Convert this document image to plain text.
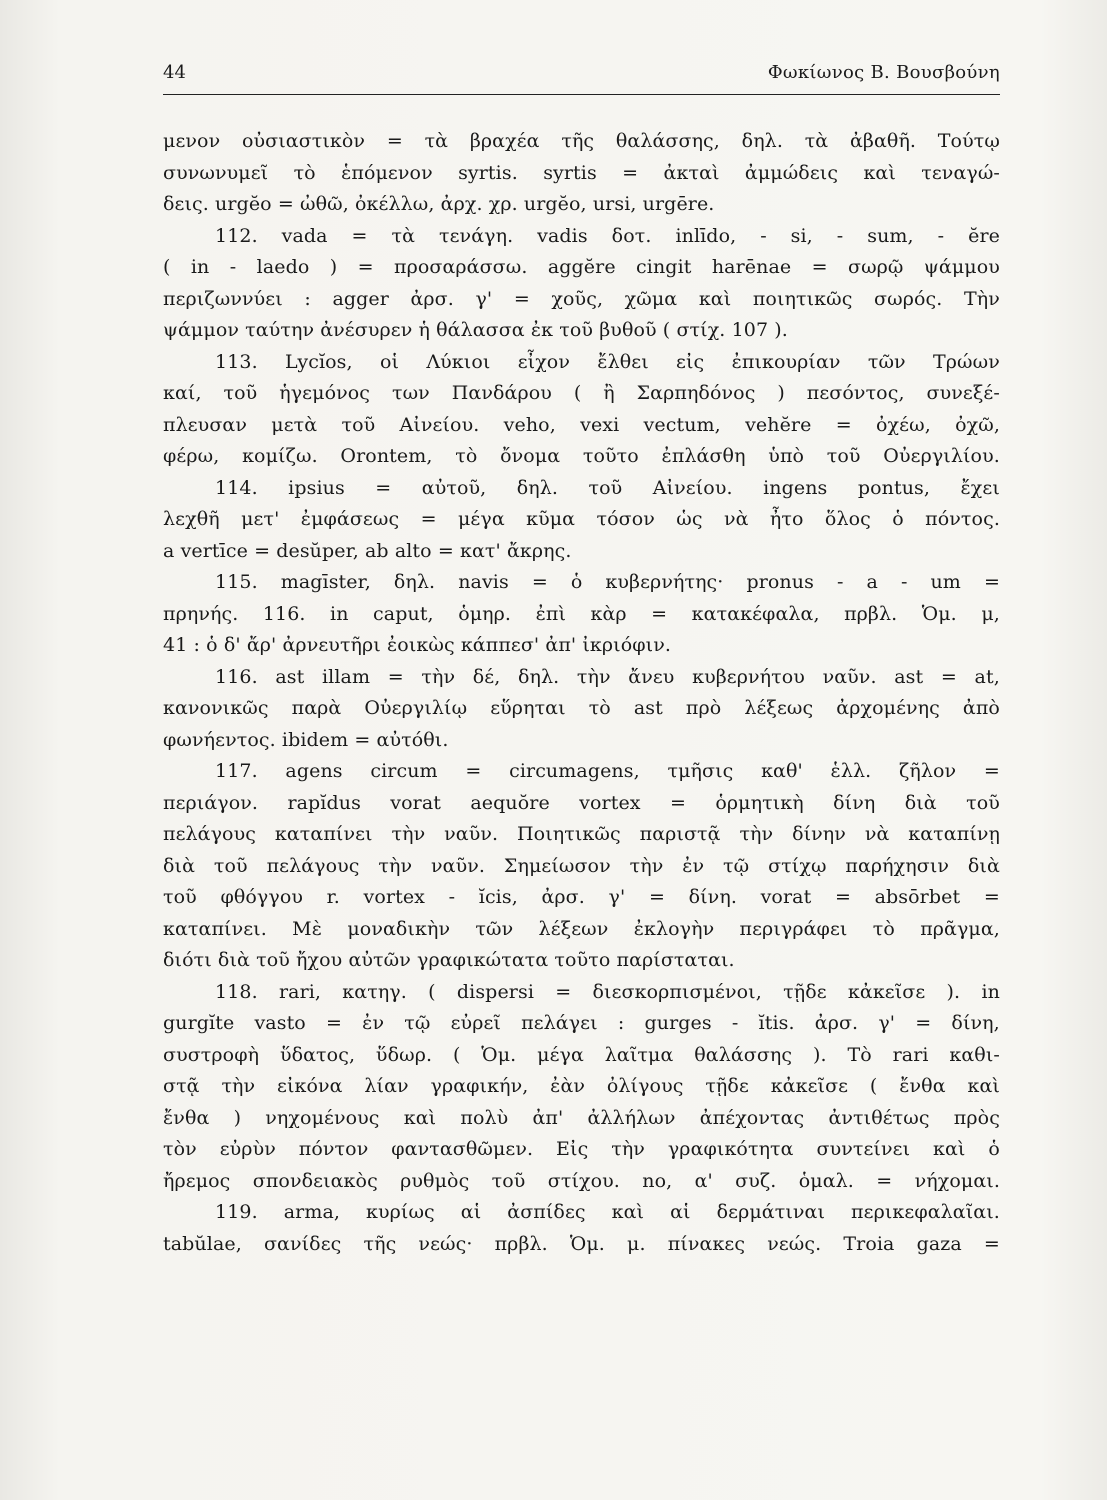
44	Φωκίωνος Β. Βουσβούνη
μενον οὐσιαστικὸν = τὰ βραχέα τῆς θαλάσσης, δηλ. τὰ ἀβαθῆ. Τούτῳ
συνωνυμεῖ τὸ ἑπόμενον syrtis. syrtis = ἀκταὶ ἀμμώδεις καὶ τεναγώ-
δεις. urgĕo = ὠθῶ, ὀκέλλω, ἀρχ. χρ. urgĕo, ursi, urgēre.
112. vada = τὰ τενάγη. vadis δοτ. inlīdo, - si, - sum, - ĕre
( in - laedo ) = προσαράσσω. aggĕre cingit harēnae = σωρῷ ψάμμου
περιζωννύει : agger ἀρσ. γ' = χοῦς, χῶμα καὶ ποιητικῶς σωρός. Τὴν
ψάμμον ταύτην ἀνέσυρεν ἡ θάλασσα ἐκ τοῦ βυθοῦ ( στίχ. 107 ).
113. Lycĭos, οἱ Λύκιοι εἶχον ἔλθει εἰς ἐπικουρίαν τῶν Τρώων
καί, τοῦ ἡγεμόνος των Πανδάρου ( ἢ Σαρπηδόνος ) πεσόντος, συνεξέ-
πλευσαν μετὰ τοῦ Αἰνείου. veho, vexi vectum, vehĕre = ὀχέω, ὀχῶ,
φέρω, κομίζω. Orontem, τὸ ὄνομα τοῦτο ἐπλάσθη ὑπὸ τοῦ Οὐεργιλίου.
114. ipsius = αὐτοῦ, δηλ. τοῦ Αἰνείου. ingens pontus, ἔχει
λεχθῆ μετ' ἐμφάσεως = μέγα κῦμα τόσον ὡς νὰ ἦτο ὅλος ὁ πόντος.
a vertīce = desŭper, ab alto = κατ' ἄκρης.
115. magīster, δηλ. navis = ὁ κυβερνήτης· pronus - a - um =
πρηνής. 116. in caput, ὁμηρ. ἐπὶ κὰρ = κατακέφαλα, πρβλ. Ὁμ. μ,
41 : ὁ δ' ἄρ' ἀρνευτῆρι ἐοικὼς κάππεσ' ἀπ' ἰκριόφιν.
116. ast illam = τὴν δέ, δηλ. τὴν ἄνευ κυβερνήτου ναῦν. ast = at,
κανονικῶς παρὰ Οὐεργιλίῳ εὕρηται τὸ ast πρὸ λέξεως ἀρχομένης ἀπὸ
φωνήεντος. ibidem = αὐτόθι.
117. agens circum = circumagens, τμῆσις καθ' ἑλλ. ζῆλον =
περιάγον. rapĭdus vorat aequŏre vortex = ὁρμητικὴ δίνη διὰ τοῦ
πελάγους καταπίνει τὴν ναῦν. Ποιητικῶς παριστᾷ τὴν δίνην νὰ καταπίνῃ
διὰ τοῦ πελάγους τὴν ναῦν. Σημείωσον τὴν ἐν τῷ στίχῳ παρήχησιν διὰ
τοῦ φθόγγου r. vortex - ĭcis, ἀρσ. γ' = δίνη. vorat = absōrbet =
καταπίνει. Μὲ μοναδικὴν τῶν λέξεων ἐκλογὴν περιγράφει τὸ πρᾶγμα,
διότι διὰ τοῦ ἤχου αὐτῶν γραφικώτατα τοῦτο παρίσταται.
118. rari, κατηγ. ( dispersi = διεσκορπισμένοι, τῇδε κἀκεῖσε ). in
gurgĭte vasto = ἐν τῷ εὐρεῖ πελάγει : gurges - ĭtis. ἀρσ. γ' = δίνη,
συστροφὴ ὕδατος, ὕδωρ. ( Ὁμ. μέγα λαῖτμα θαλάσσης ). Τὸ rari καθι-
στᾷ τὴν εἰκόνα λίαν γραφικήν, ἐὰν ὀλίγους τῇδε κἀκεῖσε ( ἔνθα καὶ
ἔνθα ) νηχομένους καὶ πολὺ ἀπ' ἀλλήλων ἀπέχοντας ἀντιθέτως πρὸς
τὸν εὐρὺν πόντον φαντασθῶμεν. Εἰς τὴν γραφικότητα συντείνει καὶ ὁ
ἤρεμος σπονδειακὸς ρυθμὸς τοῦ στίχου. no, α' συζ. ὁμαλ. = νήχομαι.
119. arma, κυρίως αἱ ἀσπίδες καὶ αἱ δερμάτιναι περικεφαλαῖαι.
tabŭlae, σανίδες τῆς νεώς· πρβλ. Ὁμ. μ. πίνακες νεώς. Troia gaza =
